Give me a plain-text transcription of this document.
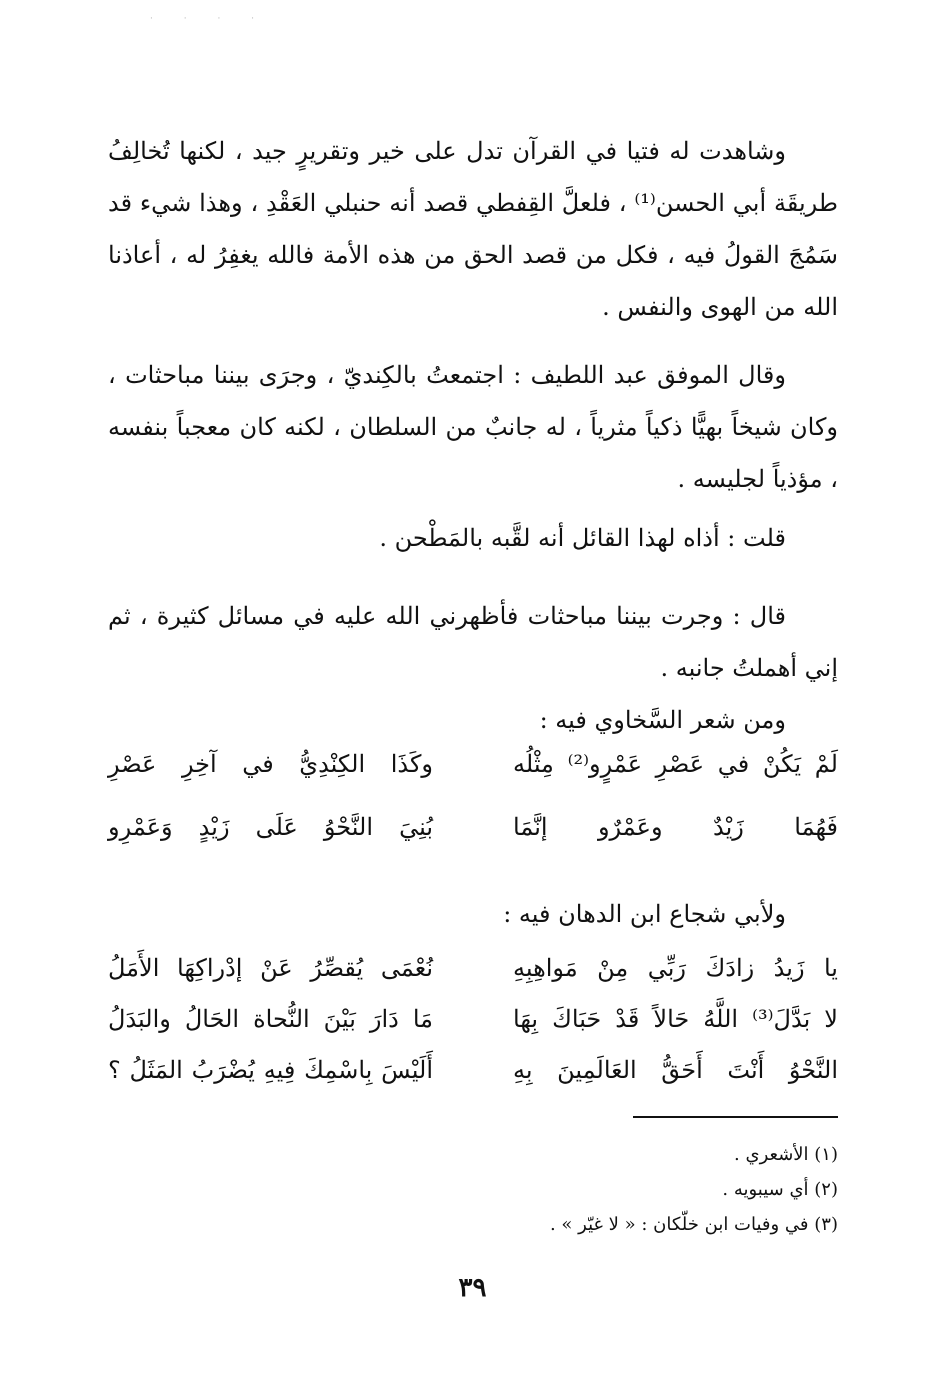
· · · ·

وشاهدت له فتيا في القرآن تدل على خير وتقريرٍ جيد ، لكنها تُخالِفُ طريقَة أبي الحسن⁽¹⁾ ، فلعلَّ القِفطي قصد أنه حنبلي العَقْدِ ، وهذا شيء قد سَمُجَ القولُ فيه ، فكل من قصد الحق من هذه الأمة فالله يغفِرُ له ، أعاذنا الله من الهوى والنفس .

وقال الموفق عبد اللطيف : اجتمعتُ بالكِنديّ ، وجرَى بيننا مباحثات ، وكان شيخاً بهيًّا ذكياً مثرياً ، له جانبٌ من السلطان ، لكنه كان معجباً بنفسه ، مؤذياً لجليسه .

قلت : أذاه لهذا القائل أنه لقَّبه بالمَطْحن .

قال : وجرت بيننا مباحثات فأظهرني الله عليه في مسائل كثيرة ، ثم إني أهملتُ جانبه .

ومن شعر السَّخاوي فيه :

لَمْ يَكُنْ في عَصْرِ عَمْرٍو⁽²⁾ مِثْلُه
وكَذَا الكِنْدِيُّ في آخِرِ عَصْرِ
فَهُمَا زَيْدٌ وعَمْرٌو إنَّمَا
بُنِيَ النَّحْوُ عَلَى زَيْدٍ وَعَمْرِو

ولأبي شجاع ابن الدهان فيه :

يا زَيدُ زادَكَ رَبِّي مِنْ مَواهِبِهِ
نُعْمَى يُقصِّرُ عَنْ إدْراكِهَا الأَمَلُ
لا بَدَّلَ⁽³⁾ اللَّهُ حَالاً قَدْ حَبَاكَ بِهَا
مَا دَارَ بَيْنَ النُّحاة الحَالُ والبَدَلُ
النَّحْوُ أَنْتَ أَحَقُّ العَالَمِينَ بِهِ
أَلَيْسَ بِاسْمِكَ فِيهِ يُضْرَبُ المَثَلُ ؟
(١) الأشعري .
(٢) أي سيبويه .
(٣) في وفيات ابن خلّكان : « لا غيّر » .
٣٩
